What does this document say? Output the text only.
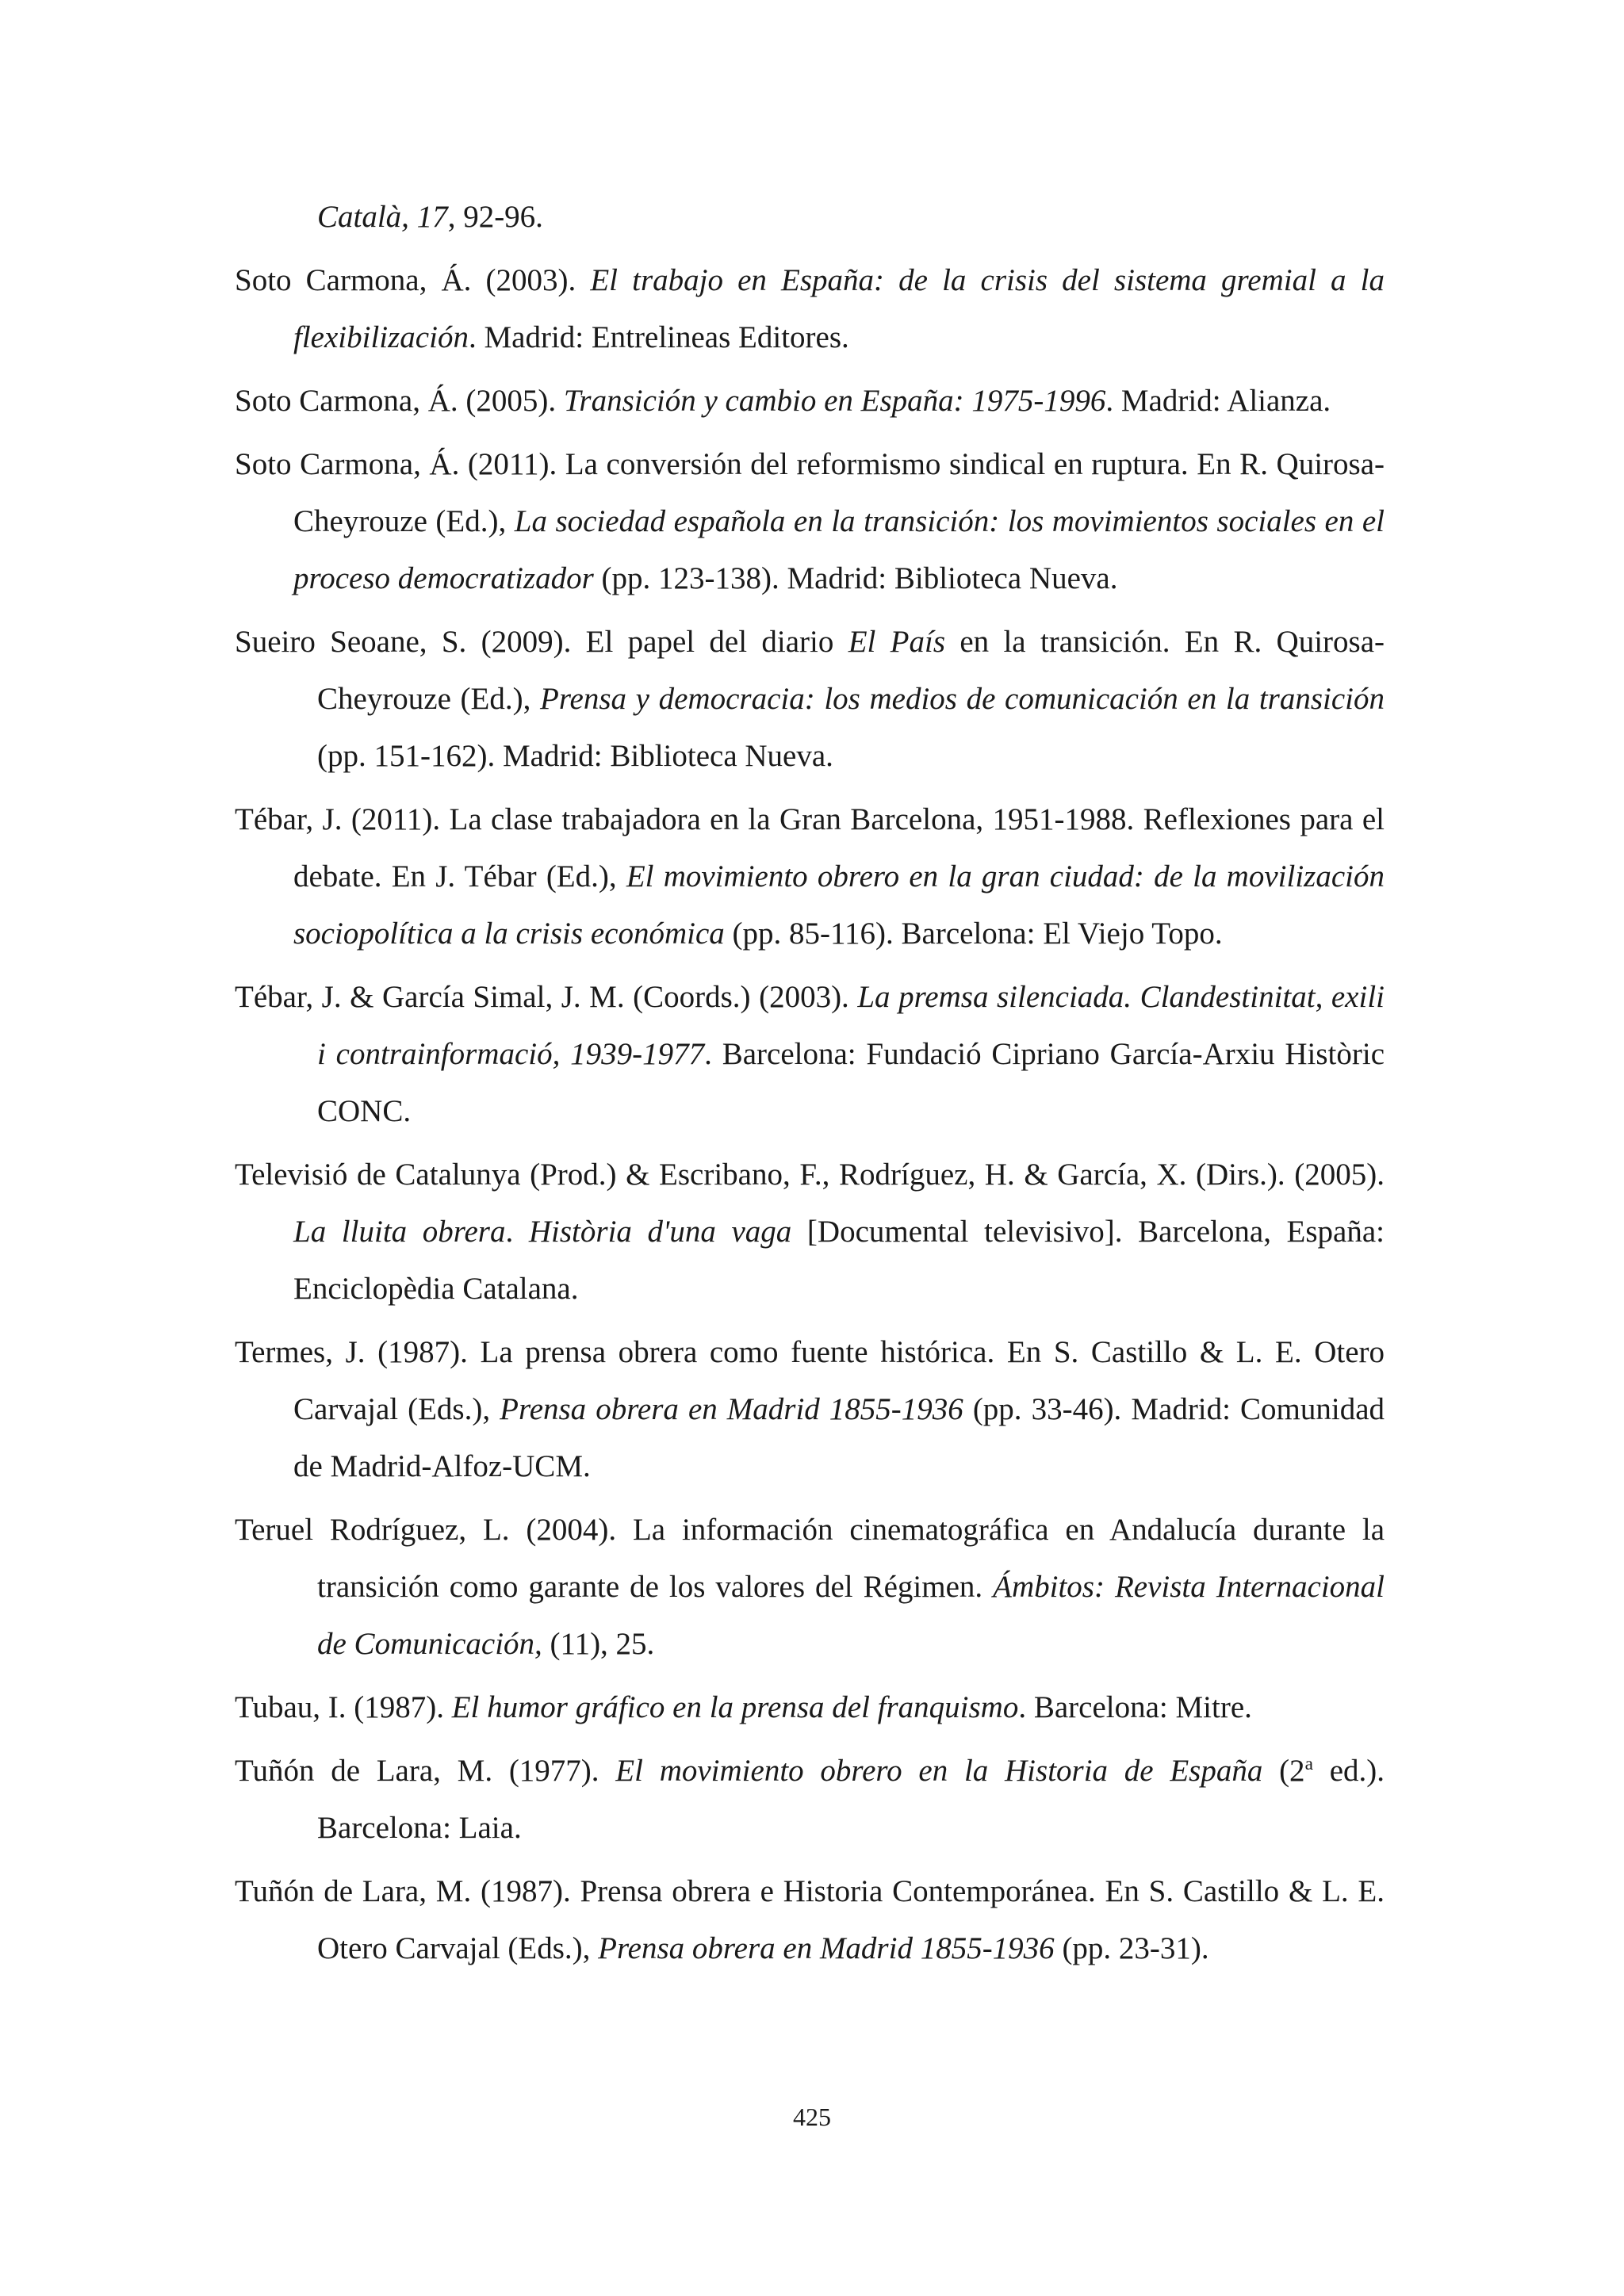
Català, 17, 92-96.

Soto Carmona, Á. (2003). El trabajo en España: de la crisis del sistema gremial a la flexibilización. Madrid: Entrelineas Editores.

Soto Carmona, Á. (2005). Transición y cambio en España: 1975-1996. Madrid: Alianza.

Soto Carmona, Á. (2011). La conversión del reformismo sindical en ruptura. En R. Quirosa-Cheyrouze (Ed.), La sociedad española en la transición: los movimientos sociales en el proceso democratizador (pp. 123-138). Madrid: Biblioteca Nueva.

Sueiro Seoane, S. (2009). El papel del diario El País en la transición. En R. Quirosa-Cheyrouze (Ed.), Prensa y democracia: los medios de comunicación en la transición (pp. 151-162). Madrid: Biblioteca Nueva.

Tébar, J. (2011). La clase trabajadora en la Gran Barcelona, 1951-1988. Reflexiones para el debate. En J. Tébar (Ed.), El movimiento obrero en la gran ciudad: de la movilización sociopolítica a la crisis económica (pp. 85-116). Barcelona: El Viejo Topo.

Tébar, J. & García Simal, J. M. (Coords.) (2003). La premsa silenciada. Clandestinitat, exili i contrainformació, 1939-1977. Barcelona: Fundació Cipriano García-Arxiu Històric CONC.

Televisió de Catalunya (Prod.) & Escribano, F., Rodríguez, H. & García, X. (Dirs.). (2005). La lluita obrera. Història d'una vaga [Documental televisivo]. Barcelona, España: Enciclopèdia Catalana.

Termes, J. (1987). La prensa obrera como fuente histórica. En S. Castillo & L. E. Otero Carvajal (Eds.), Prensa obrera en Madrid 1855-1936 (pp. 33-46). Madrid: Comunidad de Madrid-Alfoz-UCM.

Teruel Rodríguez, L. (2004). La información cinematográfica en Andalucía durante la transición como garante de los valores del Régimen. Ámbitos: Revista Internacional de Comunicación, (11), 25.

Tubau, I. (1987). El humor gráfico en la prensa del franquismo. Barcelona: Mitre.

Tuñón de Lara, M. (1977). El movimiento obrero en la Historia de España (2$^a$ ed.). Barcelona: Laia.

Tuñón de Lara, M. (1987). Prensa obrera e Historia Contemporánea. En S. Castillo & L. E. Otero Carvajal (Eds.), Prensa obrera en Madrid 1855-1936 (pp. 23-31).

425
